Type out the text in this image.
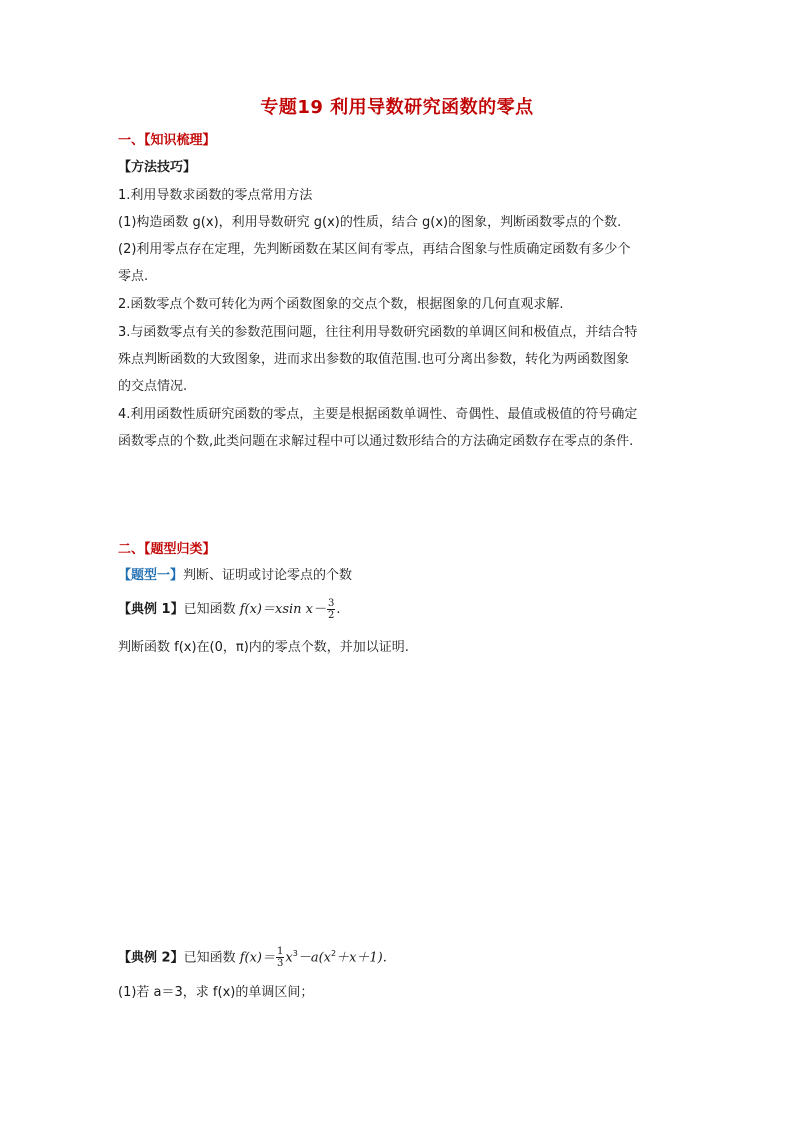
专题19 利用导数研究函数的零点
一、【知识梳理】
【方法技巧】
1.利用导数求函数的零点常用方法
(1)构造函数 g(x)，利用导数研究 g(x)的性质，结合 g(x)的图象，判断函数零点的个数.
(2)利用零点存在定理，先判断函数在某区间有零点，再结合图象与性质确定函数有多少个
零点.
2.函数零点个数可转化为两个函数图象的交点个数，根据图象的几何直观求解.
3.与函数零点有关的参数范围问题，往往利用导数研究函数的单调区间和极值点，并结合特
殊点判断函数的大致图象，进而求出参数的取值范围.也可分离出参数，转化为两函数图象
的交点情况.
4.利用函数性质研究函数的零点，主要是根据函数单调性、奇偶性、最值或极值的符号确定
函数零点的个数,此类问题在求解过程中可以通过数形结合的方法确定函数存在零点的条件.
二、【题型归类】
【题型一】判断、证明或讨论零点的个数
【典例 1】已知函数 f(x)＝xsin $x- \frac{3}{2}$ .
判断函数 f(x)在(0，π)内的零点个数，并加以证明.
【典例 2】已知函数 $f(x)= \frac{1}{3} x^3-a(x^2+x+1)$.
(1)若 a＝3，求 f(x)的单调区间；
